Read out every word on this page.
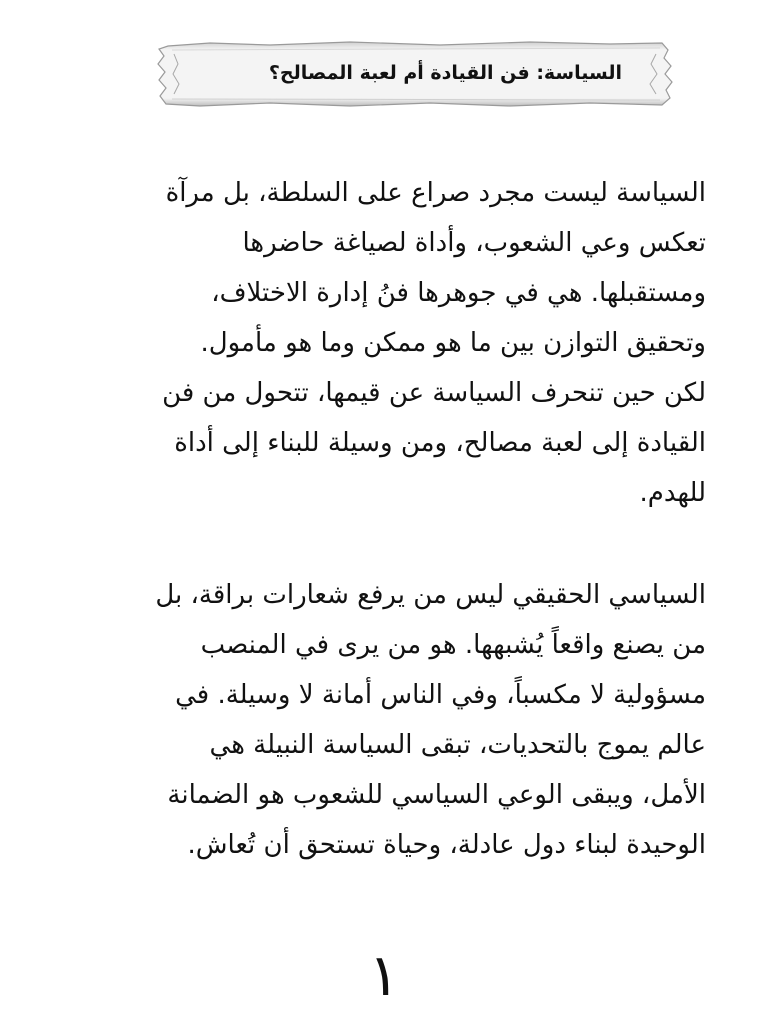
السياسة: فن القيادة أم لعبة المصالح؟
السياسة ليست مجرد صراع على السلطة، بل مرآة
تعكس وعي الشعوب، وأداة لصياغة حاضرها
ومستقبلها. هي في جوهرها فنُ إدارة الاختلاف،
وتحقيق التوازن بين ما هو ممكن وما هو مأمول.
لكن حين تنحرف السياسة عن قيمها، تتحول من فن
القيادة إلى لعبة مصالح، ومن وسيلة للبناء إلى أداة
للهدم.
السياسي الحقيقي ليس من يرفع شعارات براقة، بل
من يصنع واقعاً يُشبهها. هو من يرى في المنصب
مسؤولية لا مكسباً، وفي الناس أمانة لا وسيلة. في
عالم يموج بالتحديات، تبقى السياسة النبيلة هي
الأمل، ويبقى الوعي السياسي للشعوب هو الضمانة
الوحيدة لبناء دول عادلة، وحياة تستحق أن تُعاش.
١
